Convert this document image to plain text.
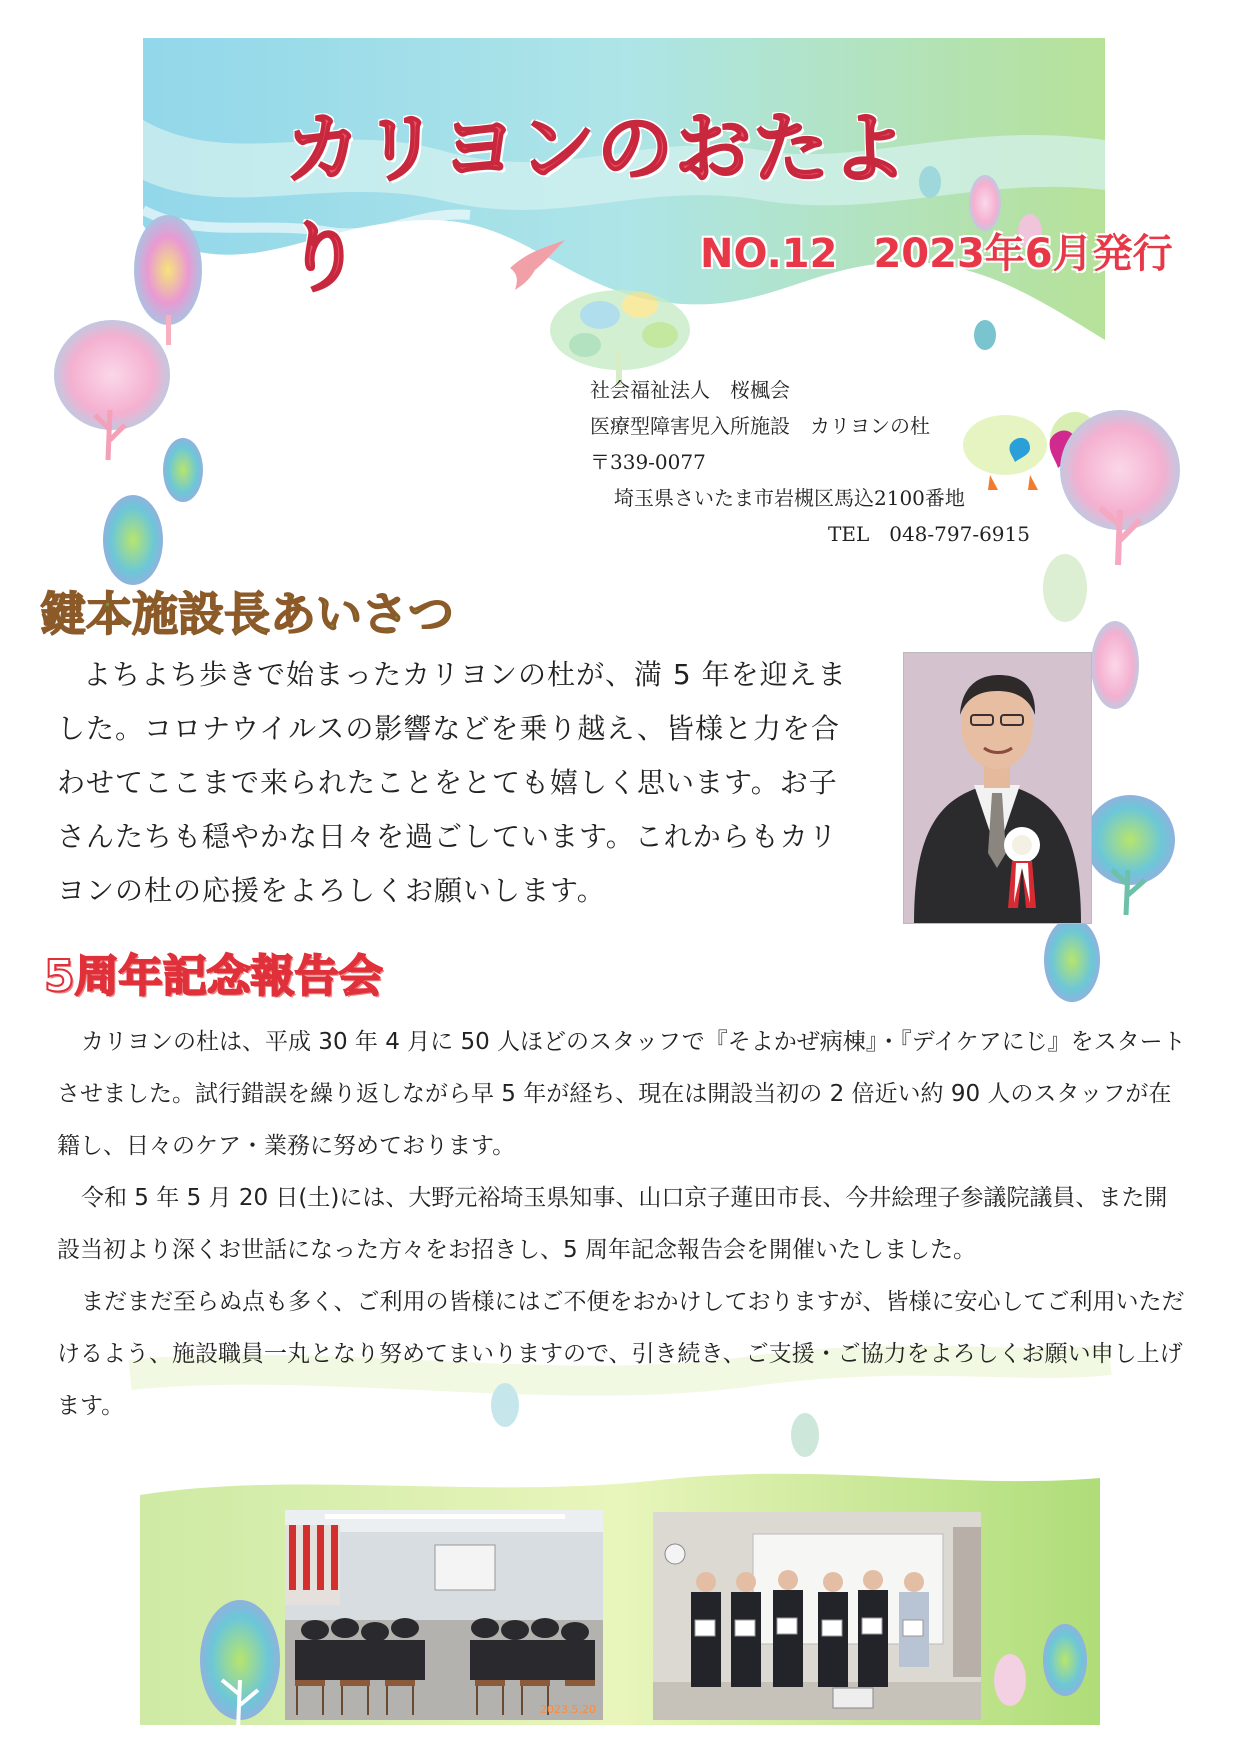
カリヨンのおたより	NO.12 2023年6月発行
社会福祉法人　桜楓会
医療型障害児入所施設　カリヨンの杜
〒339-0077
埼玉県さいたま市岩槻区馬込2100番地
TEL　048-797-6915
鍵本施設長あいさつ
よちよち歩きで始まったカリヨンの杜が、満 5 年を迎えました。コロナウイルスの影響などを乗り越え、皆様と力を合わせてここまで来られたことをとても嬉しく思います。お子さんたちも穏やかな日々を過ごしています。これからもカリヨンの杜の応援をよろしくお願いします。
5周年記念報告会

カリヨンの杜は、平成 30 年 4 月に 50 人ほどのスタッフで『そよかぜ病棟』・『デイケアにじ』をスタートさせました。試行錯誤を繰り返しながら早 5 年が経ち、現在は開設当初の 2 倍近い約 90 人のスタッフが在籍し、日々のケア・業務に努めております。

令和 5 年 5 月 20 日(土)には、大野元裕埼玉県知事、山口京子蓮田市長、今井絵理子参議院議員、また開設当初より深くお世話になった方々をお招きし、5 周年記念報告会を開催いたしました。

まだまだ至らぬ点も多く、ご利用の皆様にはご不便をおかけしておりますが、皆様に安心してご利用いただけるよう、施設職員一丸となり努めてまいりますので、引き続き、ご支援・ご協力をよろしくお願い申し上げます。

2023.5.20
